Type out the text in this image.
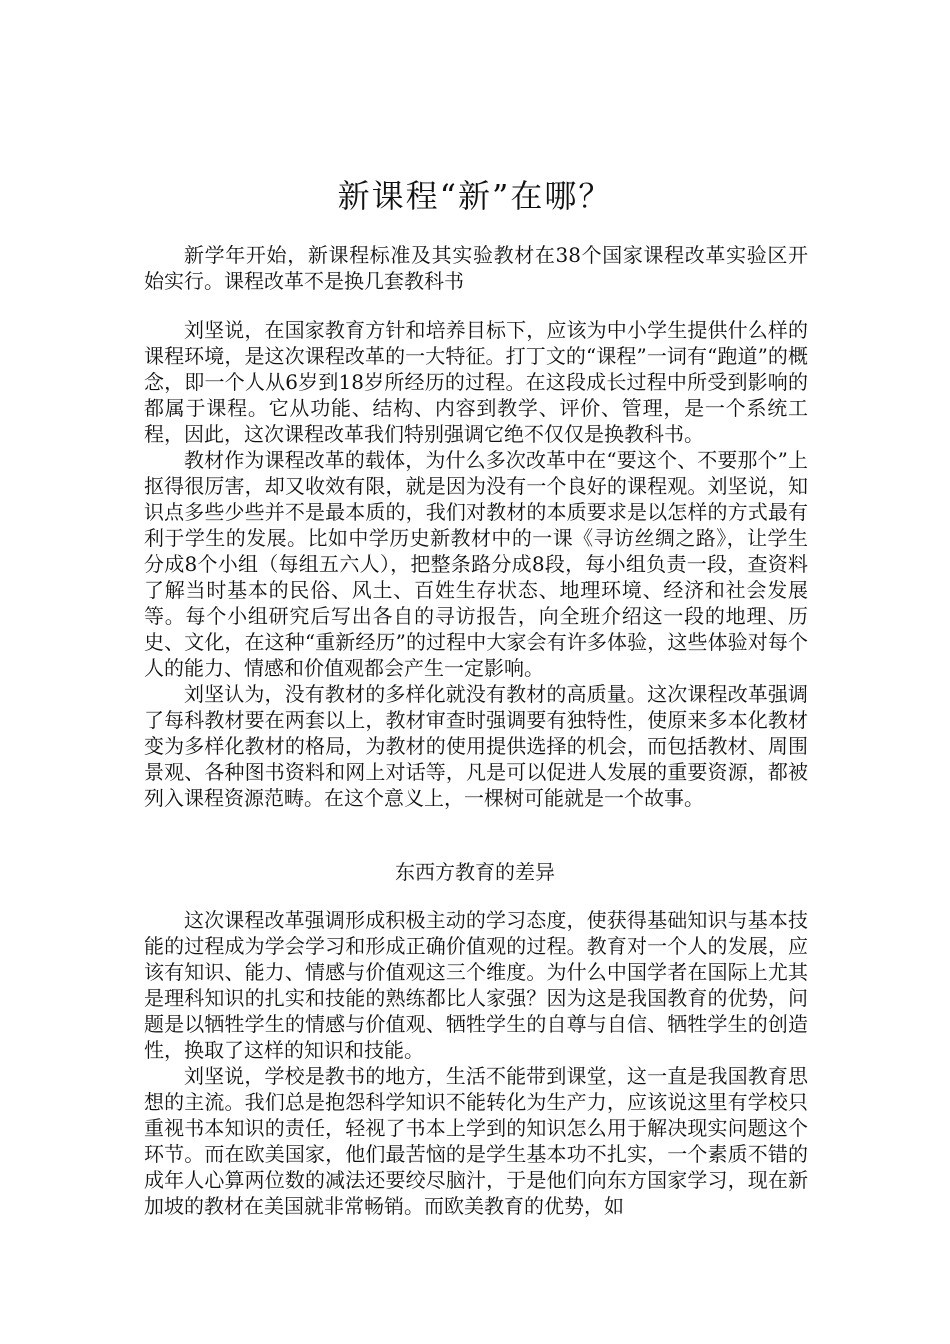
新课程“新”在哪？

新学年开始，新课程标准及其实验教材在38个国家课程改革实验区开始实行。课程改革不是换几套教科书

刘坚说，在国家教育方针和培养目标下，应该为中小学生提供什么样的课程环境，是这次课程改革的一大特征。打丁文的“课程”一词有“跑道”的概念，即一个人从6岁到18岁所经历的过程。在这段成长过程中所受到影响的都属于课程。它从功能、结构、内容到教学、评价、管理，是一个系统工程，因此，这次课程改革我们特别强调它绝不仅仅是换教科书。

教材作为课程改革的载体，为什么多次改革中在“要这个、不要那个”上抠得很厉害，却又收效有限，就是因为没有一个良好的课程观。刘坚说，知识点多些少些并不是最本质的，我们对教材的本质要求是以怎样的方式最有利于学生的发展。比如中学历史新教材中的一课《寻访丝绸之路》，让学生分成8个小组（每组五六人），把整条路分成8段，每小组负责一段，查资料了解当时基本的民俗、风土、百姓生存状态、地理环境、经济和社会发展等。每个小组研究后写出各自的寻访报告，向全班介绍这一段的地理、历史、文化，在这种“重新经历”的过程中大家会有许多体验，这些体验对每个人的能力、情感和价值观都会产生一定影响。

刘坚认为，没有教材的多样化就没有教材的高质量。这次课程改革强调了每科教材要在两套以上，教材审查时强调要有独特性，使原来多本化教材变为多样化教材的格局，为教材的使用提供选择的机会，而包括教材、周围景观、各种图书资料和网上对话等，凡是可以促进人发展的重要资源，都被列入课程资源范畴。在这个意义上，一棵树可能就是一个故事。

东西方教育的差异

这次课程改革强调形成积极主动的学习态度，使获得基础知识与基本技能的过程成为学会学习和形成正确价值观的过程。教育对一个人的发展，应该有知识、能力、情感与价值观这三个维度。为什么中国学者在国际上尤其是理科知识的扎实和技能的熟练都比人家强？因为这是我国教育的优势，问题是以牺牲学生的情感与价值观、牺牲学生的自尊与自信、牺牲学生的创造性，换取了这样的知识和技能。

刘坚说，学校是教书的地方，生活不能带到课堂，这一直是我国教育思想的主流。我们总是抱怨科学知识不能转化为生产力，应该说这里有学校只重视书本知识的责任，轻视了书本上学到的知识怎么用于解决现实问题这个环节。而在欧美国家，他们最苦恼的是学生基本功不扎实，一个素质不错的成年人心算两位数的减法还要绞尽脑汁，于是他们向东方国家学习，现在新加坡的教材在美国就非常畅销。而欧美教育的优势，如
